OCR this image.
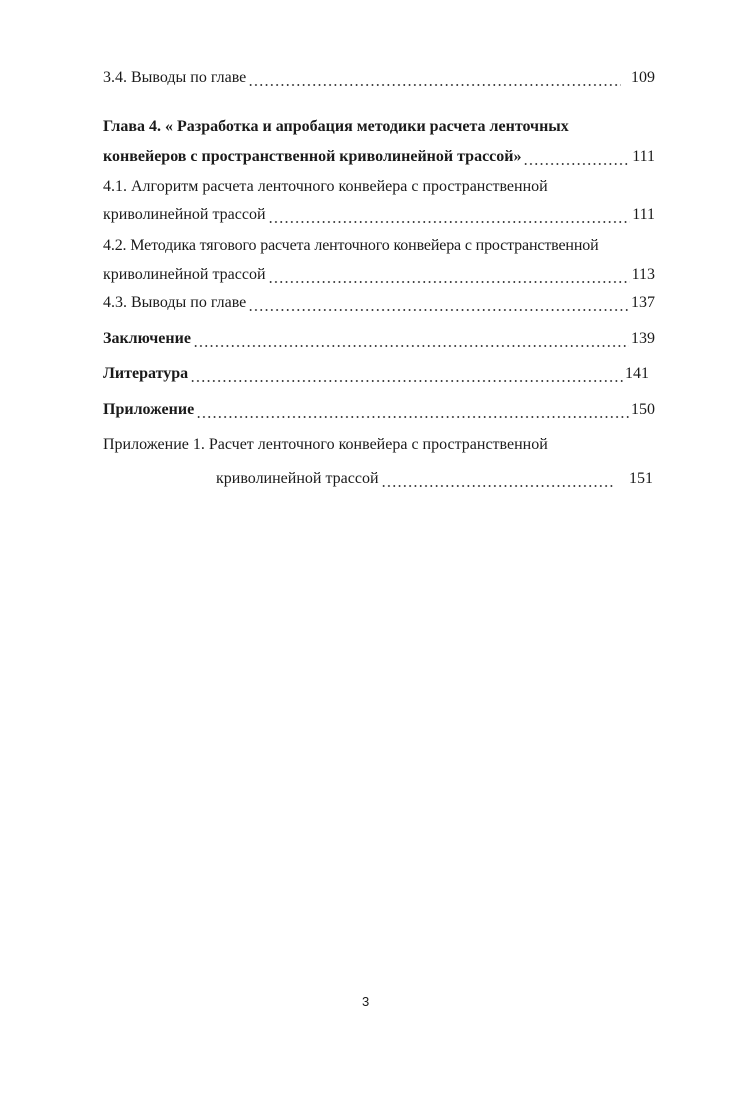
3.4. Выводы по главе	109
Глава 4. « Разработка и апробация методики расчета ленточных
конвейеров с пространственной криволинейной трассой»	111
4.1. Алгоритм расчета ленточного конвейера с пространственной
криволинейной трассой	111
4.2. Методика тягового расчета ленточного конвейера с пространственной
криволинейной трассой	113
4.3. Выводы по главе	137
Заключение	139
Литература	141
Приложение	150
Приложение 1. Расчет ленточного конвейера с пространственной
криволинейной трассой	151
3
